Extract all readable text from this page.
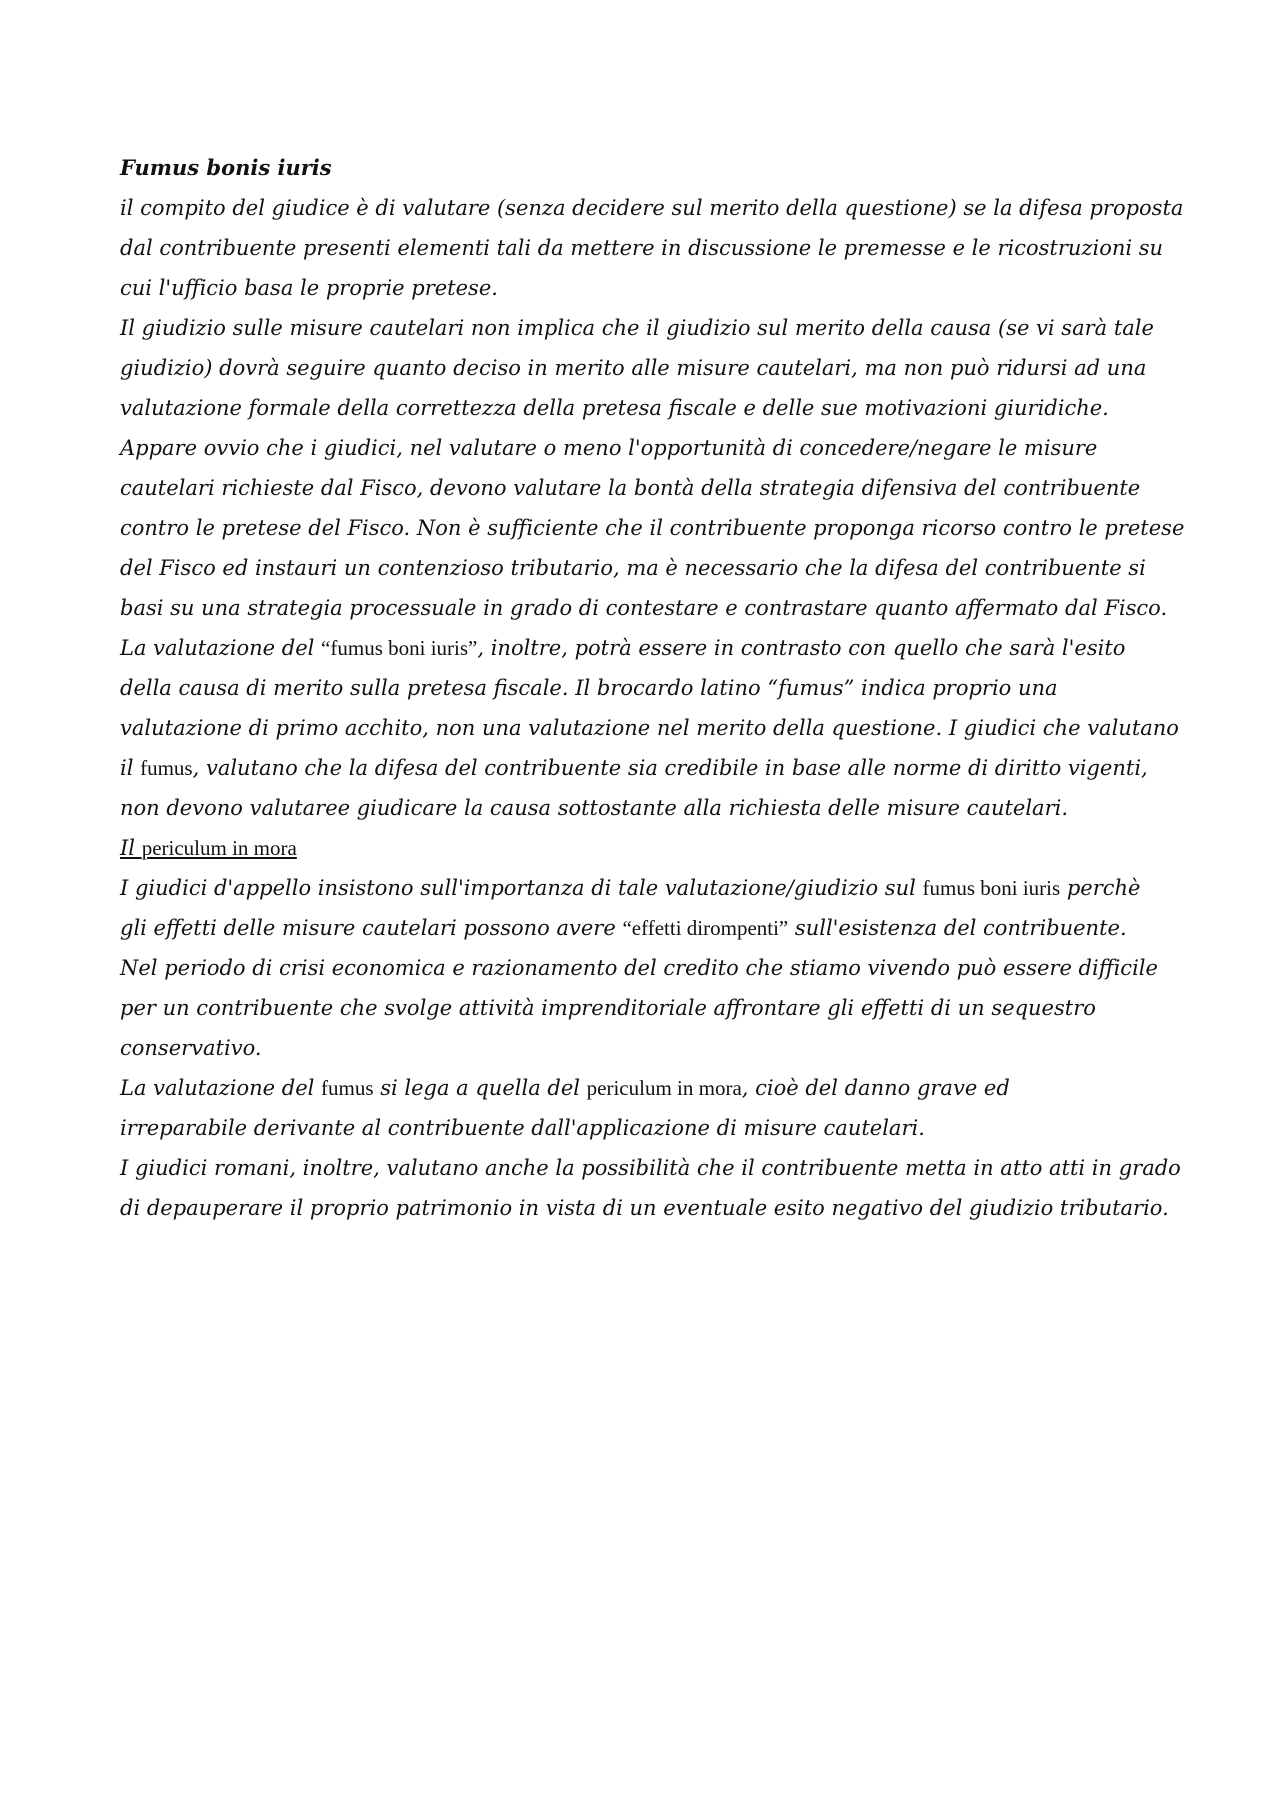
Fumus bonis iuris
il compito del giudice è di valutare (senza decidere sul merito della questione) se la difesa proposta
dal contribuente presenti elementi tali da mettere in discussione le premesse e le ricostruzioni su
cui l'ufficio basa le proprie pretese.
Il giudizio sulle misure cautelari non implica che il giudizio sul merito della causa (se vi sarà tale
giudizio) dovrà seguire quanto deciso in merito alle misure cautelari, ma non può ridursi ad una
valutazione formale della correttezza della pretesa fiscale e delle sue motivazioni giuridiche.
Appare ovvio che i giudici, nel valutare o meno l'opportunità di concedere/negare le misure
cautelari richieste dal Fisco, devono valutare la bontà della strategia difensiva del contribuente
contro le pretese del Fisco. Non è sufficiente che il contribuente proponga ricorso contro le pretese
del Fisco ed instauri un contenzioso tributario, ma è necessario che la difesa del contribuente si
basi su una strategia processuale in grado di contestare e contrastare quanto affermato dal Fisco.
La valutazione del “fumus boni iuris”, inoltre, potrà essere in contrasto con quello che sarà l'esito
della causa di merito sulla pretesa fiscale. Il brocardo latino “fumus” indica proprio una
valutazione di primo acchito, non una valutazione nel merito della questione. I giudici che valutano
il fumus, valutano che la difesa del contribuente sia credibile in base alle norme di diritto vigenti,
non devono valutaree giudicare la causa sottostante alla richiesta delle misure cautelari.
Il periculum in mora
I giudici d'appello insistono sull'importanza di tale valutazione/giudizio sul fumus boni iuris perchè
gli effetti delle misure cautelari possono avere “effetti dirompenti” sull'esistenza del contribuente.
Nel periodo di crisi economica e razionamento del credito che stiamo vivendo può essere difficile
per un contribuente che svolge attività imprenditoriale affrontare gli effetti di un sequestro
conservativo.
La valutazione del fumus si lega a quella del periculum in mora, cioè del danno grave ed
irreparabile derivante al contribuente dall'applicazione di misure cautelari.
I giudici romani, inoltre, valutano anche la possibilità che il contribuente metta in atto atti in grado
di depauperare il proprio patrimonio in vista di un eventuale esito negativo del giudizio tributario.
